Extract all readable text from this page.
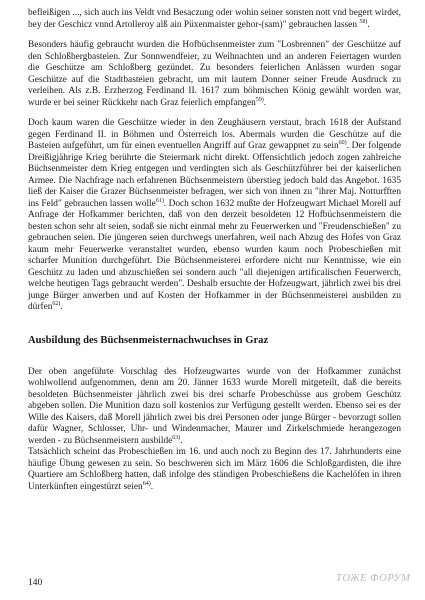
befleißigen ..., sich auch ins Veldt vnd Besaczung oder wohin seiner sonsten nott vnd begert wirdet, bey der Geschicz vnnd Artolleroy alß ain Püxenmaister gehor-(sam)" gebrauchen lassen $^{58)}$.

Besonders häufig gebraucht wurden die Hofbüchsenmeister zum "Losbrennen" der Geschütze auf den Schloßbergbasteien. Zur Sonnwendfeier, zu Weihnachten und an anderen Feiertagen wurden die Geschütze am Schloßberg gezündet. Zu besonders feierlichen Anlässen wurden sogar Geschütze auf die Stadtbasteien gebracht, um mit lautem Donner seiner Freude Ausdruck zu verleihen. Als z.B. Erzherzog Ferdinand II. 1617 zum böhmischen König gewählt worden war, wurde er bei seiner Rückkehr nach Graz feierlich empfangen$^{59)}$.

Doch kaum waren die Geschütze wieder in den Zeughäusern verstaut, brach 1618 der Aufstand gegen Ferdinand II. in Böhmen und Österreich los. Abermals wurden die Geschütze auf die Basteien aufgeführt, um für einen eventuellen Angriff auf Graz gewappnet zu sein$^{60)}$. Der folgende Dreißigjährige Krieg berührte die Steiermark nicht direkt. Offensichtlich jedoch zogen zahlreiche Büchsenmeister dem Krieg entgegen und verdingten sich als Geschützführer bei der kaiserlichen Armee. Die Nachfrage nach erfahrenen Büchsenmeistern überstieg jedoch bald das Angebot. 1635 ließ der Kaiser die Grazer Büchsenmeister befragen, wer sich von ihnen zu "ihrer Maj. Notturfften ins Feld" gebrauchen lassen wolle$^{61)}$. Doch schon 1632 mußte der Hofzeugwart Michael Morell auf Anfrage der Hofkammer berichten, daß von den derzeit besoldeten 12 Hofbüchsenmeistern die besten schon sehr alt seien, sodaß sie nicht einmal mehr zu Feuerwerken und "Freudenschießen" zu gebrauchen seien. Die jüngeren seien durchwegs unerfahren, weil nach Abzug des Hofes von Graz kaum mehr Feuerwerke veranstaltet wurden, ebenso wurden kaum noch Probeschießen mit scharfer Munition durchgeführt. Die Büchsenmeisterei erfordere nicht nur Kenntnisse, wie ein Geschütz zu laden und abzuschießen sei sondern auch "all diejenigen artificalischen Feuerwerch, welche heutigen Tags gebraucht werden". Deshalb ersuchte der Hofzeugwart, jährlich zwei bis drei junge Bürger anwerben und auf Kosten der Hofkammer in der Büchsenmeisterei ausbilden zu dürfen$^{62)}$.

Ausbildung des Büchsenmeisternachwuchses in Graz

Der oben angeführte Vorschlag des Hofzeugwartes wurde von der Hofkammer zunächst wohlwollend aufgenommen, denn am 20. Jänner 1633 wurde Morell mitgeteilt, daß die bereits besoldeten Büchsenmeister jährlich zwei bis drei scharfe Probeschüsse aus grobem Geschütz abgeben sollen. Die Munition dazu soll kostenlos zur Verfügung gestellt werden. Ebenso sei es der Wille des Kaisers, daß Morell jährlich zwei bis drei Personen oder junge Bürger - bevorzugt sollen dafür Wagner, Schlosser, Uhr- und Windenmacher, Maurer und Zirkelschmiede herangezogen werden - zu Büchsenmeistern ausbilde$^{63)}$.

Tatsächlich scheint das Probeschießen im 16. und auch noch zu Beginn des 17. Jahrhunderts eine häufige Übung gewesen zu sein. So beschweren sich im März 1606 die Schloßgardisten, die ihre Quartiere am Schloßberg hatten, daß infolge des ständigen Probeschießens die Kachelöfen in ihren Unterkünften eingestürzt seien$^{64)}$.

140	ТОЖЕ ФОРУМ
